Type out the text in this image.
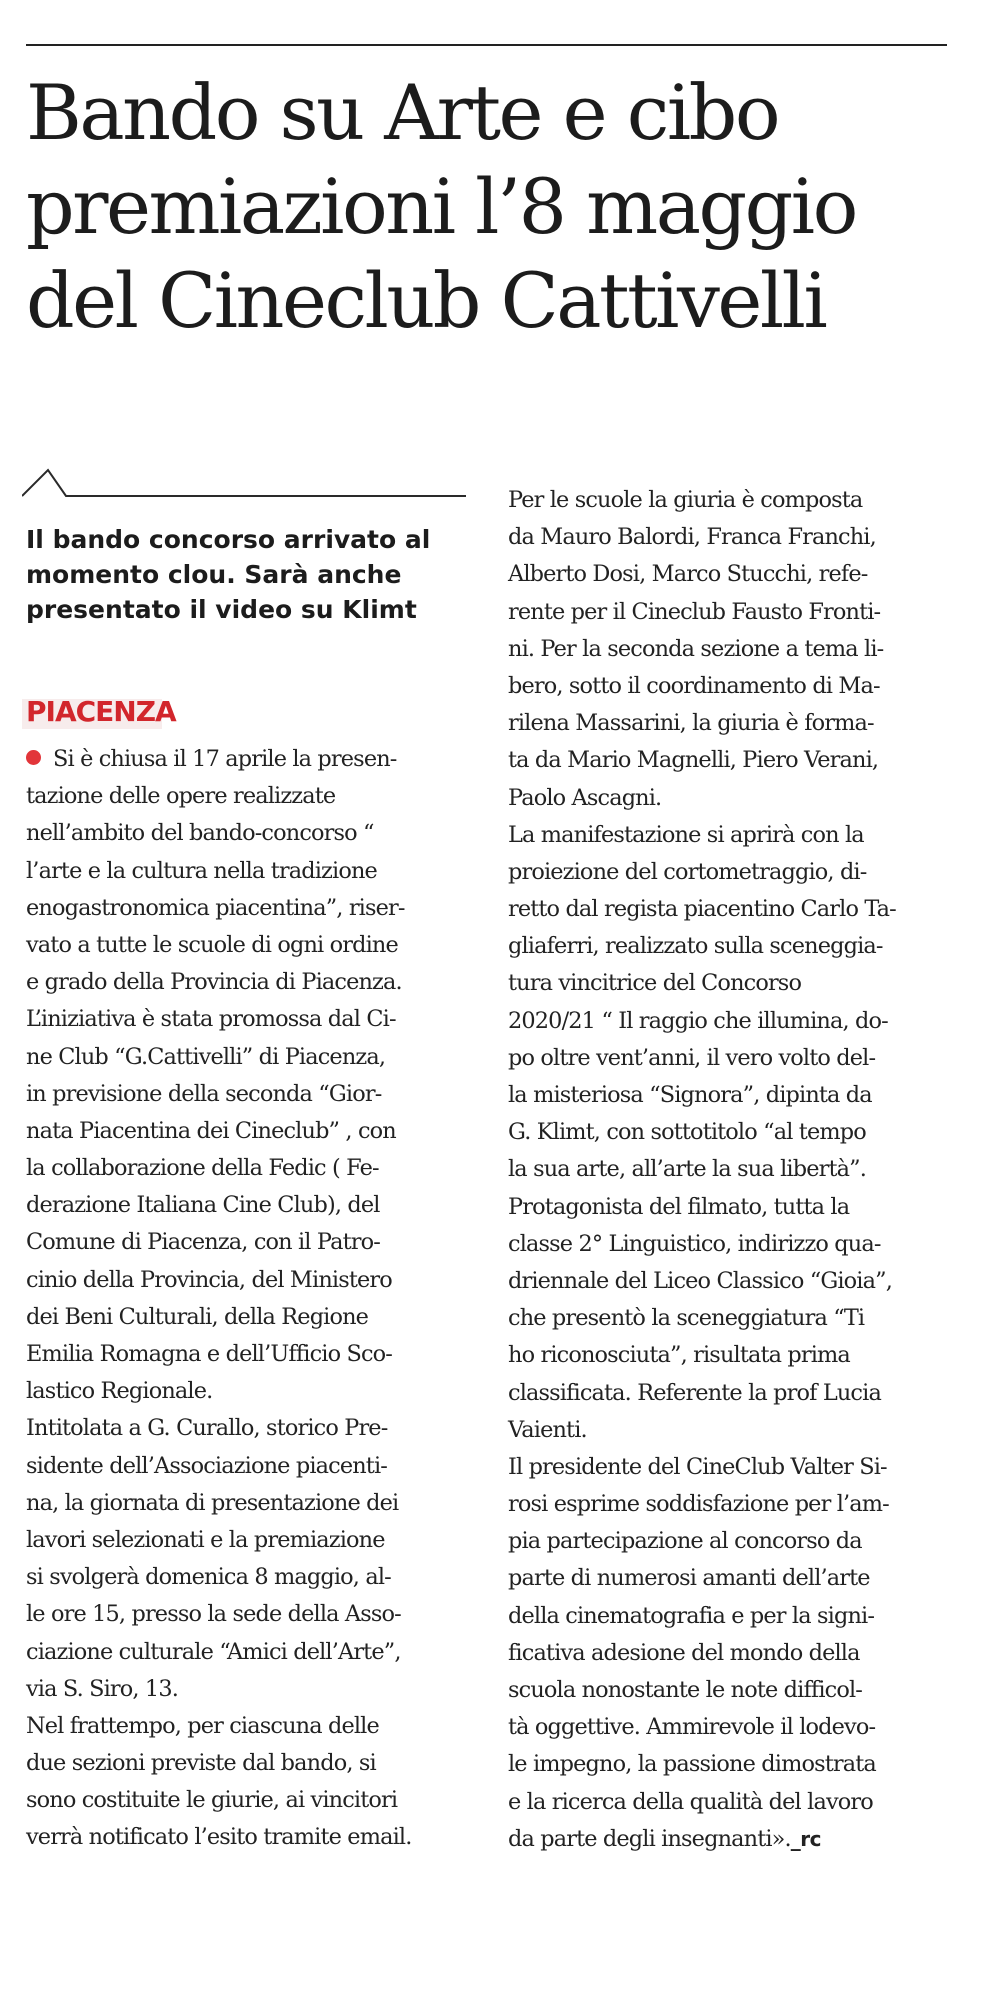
Bando su Arte e cibo
premiazioni l’8 maggio
del Cineclub Cattivelli
Il bando concorso arrivato al
momento clou. Sarà anche
presentato il video su Klimt
PIACENZA
Si è chiusa il 17 aprile la presen-
tazione delle opere realizzate
nell’ambito del bando-concorso “
l’arte e la cultura nella tradizione
enogastronomica piacentina”, riser-
vato a tutte le scuole di ogni ordine
e grado della Provincia di Piacenza.
L’iniziativa è stata promossa dal Ci-
ne Club “G.Cattivelli” di Piacenza,
in previsione della seconda “Gior-
nata Piacentina dei Cineclub” , con
la collaborazione della Fedic ( Fe-
derazione Italiana Cine Club), del
Comune di Piacenza, con il Patro-
cinio della Provincia, del Ministero
dei Beni Culturali, della Regione
Emilia Romagna e dell’Ufficio Sco-
lastico Regionale.
Intitolata a G. Curallo, storico Pre-
sidente dell’Associazione piacenti-
na, la giornata di presentazione dei
lavori selezionati e la premiazione
si svolgerà domenica 8 maggio, al-
le ore 15, presso la sede della Asso-
ciazione culturale “Amici dell’Arte”,
via S. Siro, 13.
Nel frattempo, per ciascuna delle
due sezioni previste dal bando, si
sono costituite le giurie, ai vincitori
verrà notificato l’esito tramite email.
Per le scuole la giuria è composta
da Mauro Balordi, Franca Franchi,
Alberto Dosi, Marco Stucchi, refe-
rente per il Cineclub Fausto Fronti-
ni. Per la seconda sezione a tema li-
bero, sotto il coordinamento di Ma-
rilena Massarini, la giuria è forma-
ta da Mario Magnelli, Piero Verani,
Paolo Ascagni.
La manifestazione si aprirà con la
proiezione del cortometraggio, di-
retto dal regista piacentino Carlo Ta-
gliaferri, realizzato sulla sceneggia-
tura vincitrice del Concorso
2020/21 “ Il raggio che illumina, do-
po oltre vent’anni, il vero volto del-
la misteriosa “Signora”, dipinta da
G. Klimt, con sottotitolo “al tempo
la sua arte, all’arte la sua libertà”.
Protagonista del filmato, tutta la
classe 2° Linguistico, indirizzo qua-
driennale del Liceo Classico “Gioia”,
che presentò la sceneggiatura “Ti
ho riconosciuta”, risultata prima
classificata. Referente la prof Lucia
Vaienti.
Il presidente del CineClub Valter Si-
rosi esprime soddisfazione per l’am-
pia partecipazione al concorso da
parte di numerosi amanti dell’arte
della cinematografia e per la signi-
ficativa adesione del mondo della
scuola nonostante le note difficol-
tà oggettive. Ammirevole il lodevo-
le impegno, la passione dimostrata
e la ricerca della qualità del lavoro
da parte degli insegnanti»._rc
